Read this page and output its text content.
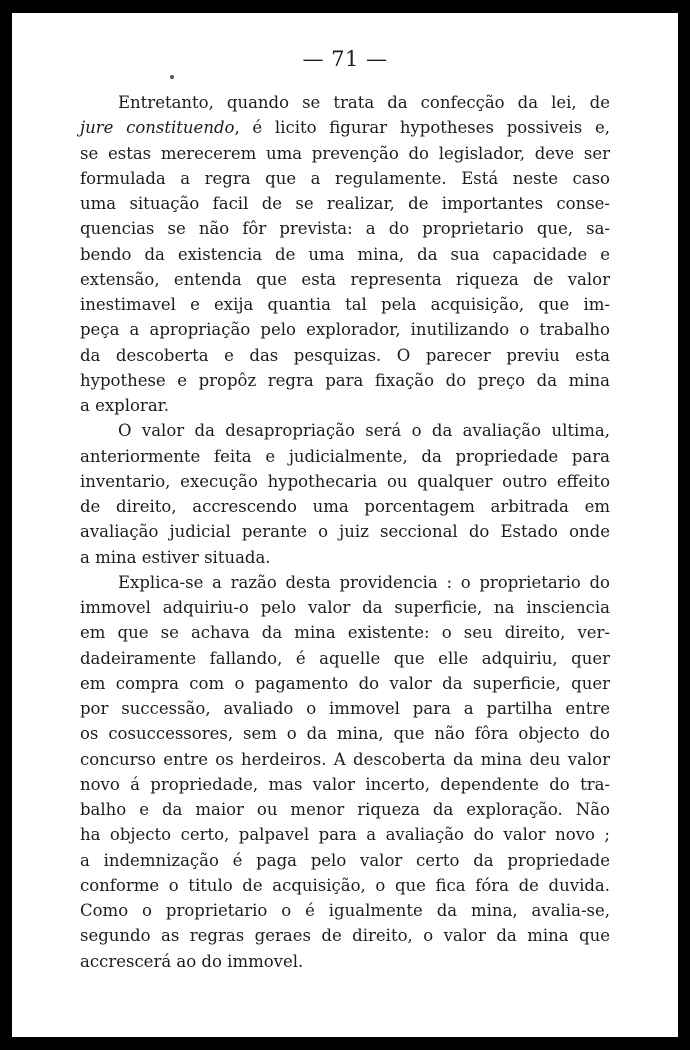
— 71 —
Entretanto, quando se trata da confecção da lei, de
jure constituendo, é licito figurar hypotheses possiveis e,
se estas merecerem uma prevenção do legislador, deve ser
formulada a regra que a regulamente. Está neste caso
uma situação facil de se realizar, de importantes conse-
quencias se não fôr prevista: a do proprietario que, sa-
bendo da existencia de uma mina, da sua capacidade e
extensão, entenda que esta representa riqueza de valor
inestimavel e exija quantia tal pela acquisição, que im-
peça a apropriação pelo explorador, inutilizando o trabalho
da descoberta e das pesquizas. O parecer previu esta
hypothese e propôz regra para fixação do preço da mina
a explorar.
O valor da desapropriação será o da avaliação ultima,
anteriormente feita e judicialmente, da propriedade para
inventario, execução hypothecaria ou qualquer outro effeito
de direito, accrescendo uma porcentagem arbitrada em
avaliação judicial perante o juiz seccional do Estado onde
a mina estiver situada.
Explica-se a razão desta providencia : o proprietario do
immovel adquiriu-o pelo valor da superficie, na insciencia
em que se achava da mina existente: o seu direito, ver-
dadeiramente fallando, é aquelle que elle adquiriu, quer
em compra com o pagamento do valor da superficie, quer
por successão, avaliado o immovel para a partilha entre
os cosuccessores, sem o da mina, que não fôra objecto do
concurso entre os herdeiros. A descoberta da mina deu valor
novo á propriedade, mas valor incerto, dependente do tra-
balho e da maior ou menor riqueza da exploração. Não
ha objecto certo, palpavel para a avaliação do valor novo ;
a indemnização é paga pelo valor certo da propriedade
conforme o titulo de acquisição, o que fica fóra de duvida.
Como o proprietario o é igualmente da mina, avalia-se,
segundo as regras geraes de direito, o valor da mina que
accrescerá ao do immovel.
